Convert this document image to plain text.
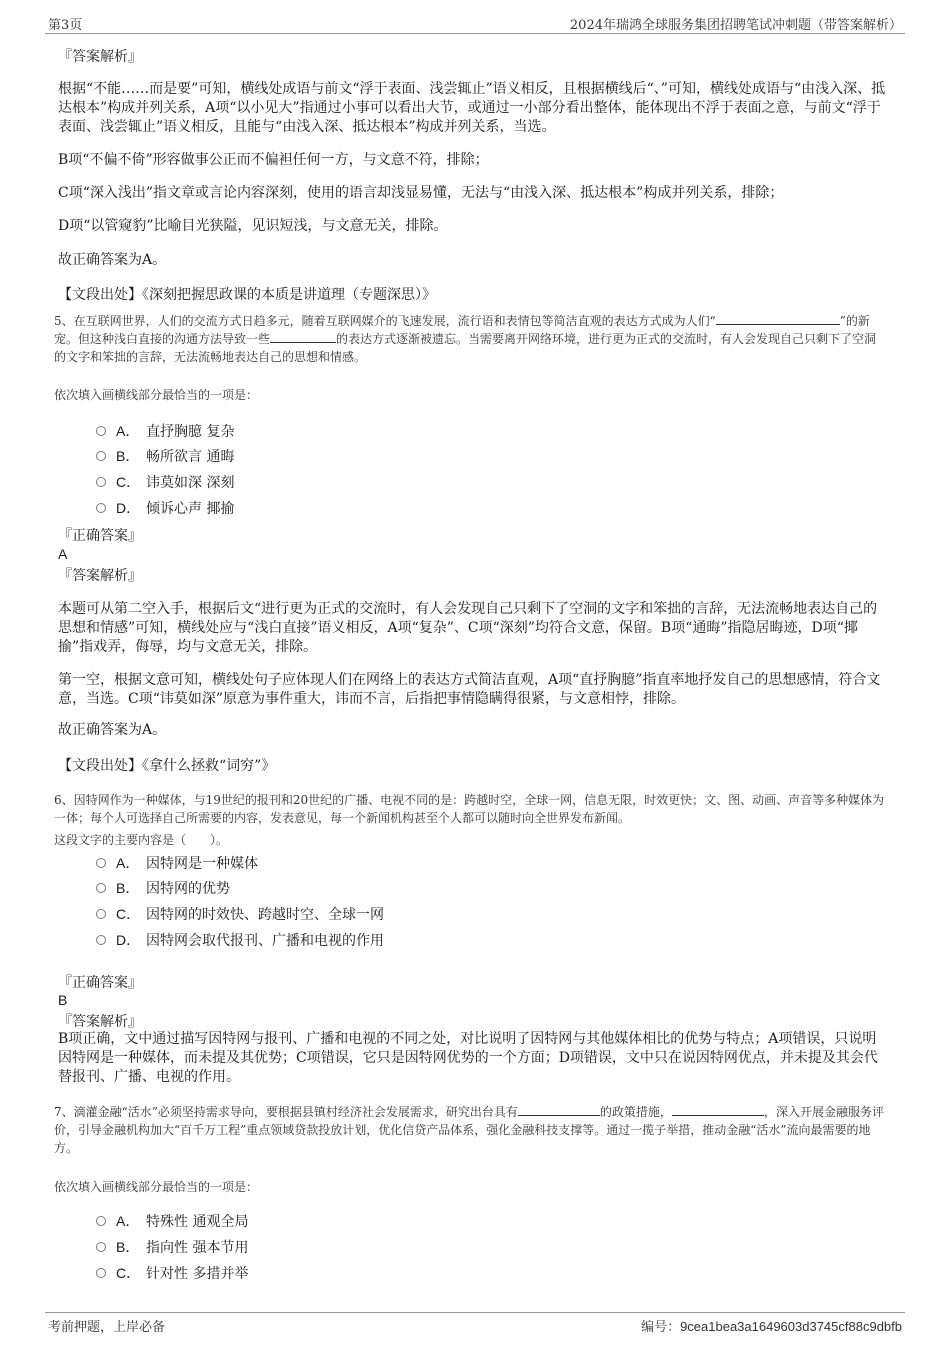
第3页	2024年瑞鸿全球服务集团招聘笔试冲刺题（带答案解析）
『答案解析』
根据“不能……而是要”可知，横线处成语与前文“浮于表面、浅尝辄止”语义相反，且根据横线后“、”可知，横线处成语与“由浅入深、抵达根本”构成并列关系，A项“以小见大”指通过小事可以看出大节，或通过一小部分看出整体，能体现出不浮于表面之意，与前文“浮于表面、浅尝辄止”语义相反，且能与“由浅入深、抵达根本”构成并列关系，当选。
B项“不偏不倚”形容做事公正而不偏袒任何一方，与文意不符，排除；
C项“深入浅出”指文章或言论内容深刻，使用的语言却浅显易懂，无法与“由浅入深、抵达根本”构成并列关系，排除；
D项“以管窥豹”比喻目光狭隘，见识短浅，与文意无关，排除。
故正确答案为A。
【文段出处】《深刻把握思政课的本质是讲道理（专题深思）》
5、在互联网世界，人们的交流方式日趋多元，随着互联网媒介的飞速发展，流行语和表情包等简洁直观的表达方式成为人们“	”的新宠。但这种浅白直接的沟通方法导致一些	的表达方式逐渐被遗忘。当需要离开网络环境，进行更为正式的交流时，有人会发现自己只剩下了空洞的文字和笨拙的言辞，无法流畅地表达自己的思想和情感。
依次填入画横线部分最恰当的一项是：
A． 直抒胸臆 复杂
B． 畅所欲言 通晦
C． 讳莫如深 深刻
D． 倾诉心声 揶揄
『正确答案』
A
『答案解析』
本题可从第二空入手，根据后文“进行更为正式的交流时，有人会发现自己只剩下了空洞的文字和笨拙的言辞，无法流畅地表达自己的思想和情感”可知，横线处应与“浅白直接”语义相反，A项“复杂”、C项“深刻”均符合文意，保留。B项“通晦”指隐居晦迹，D项“揶揄”指戏弄，侮辱，均与文意无关，排除。
第一空，根据文意可知，横线处句子应体现人们在网络上的表达方式简洁直观，A项“直抒胸臆”指直率地抒发自己的思想感情，符合文意，当选。C项“讳莫如深”原意为事件重大，讳而不言，后指把事情隐瞒得很紧，与文意相悖，排除。
故正确答案为A。
【文段出处】《拿什么拯救“词穷”》
6、因特网作为一种媒体，与19世纪的报刊和20世纪的广播、电视不同的是：跨越时空，全球一网，信息无限，时效更快；文、图、动画、声音等多种媒体为一体；每个人可选择自己所需要的内容，发表意见，每一个新闻机构甚至个人都可以随时向全世界发布新闻。
这段文字的主要内容是（　　）。
A． 因特网是一种媒体
B． 因特网的优势
C． 因特网的时效快、跨越时空、全球一网
D． 因特网会取代报刊、广播和电视的作用
『正确答案』
B
『答案解析』
B项正确，文中通过描写因特网与报刊、广播和电视的不同之处，对比说明了因特网与其他媒体相比的优势与特点；A项错误，只说明因特网是一种媒体，而未提及其优势；C项错误，它只是因特网优势的一个方面；D项错误，文中只在说因特网优点，并未提及其会代替报刊、广播、电视的作用。
7、滴灌金融“活水”必须坚持需求导向，要根据县镇村经济社会发展需求，研究出台具有	的政策措施，	，深入开展金融服务评价，引导金融机构加大“百千万工程”重点领域贷款投放计划，优化信贷产品体系，强化金融科技支撑等。通过一揽子举措，推动金融“活水”流向最需要的地方。
依次填入画横线部分最恰当的一项是：
A． 特殊性 通观全局
B． 指向性 强本节用
C． 针对性 多措并举
考前押题，上岸必备	编号：9cea1bea3a1649603d3745cf88c9dbfb
